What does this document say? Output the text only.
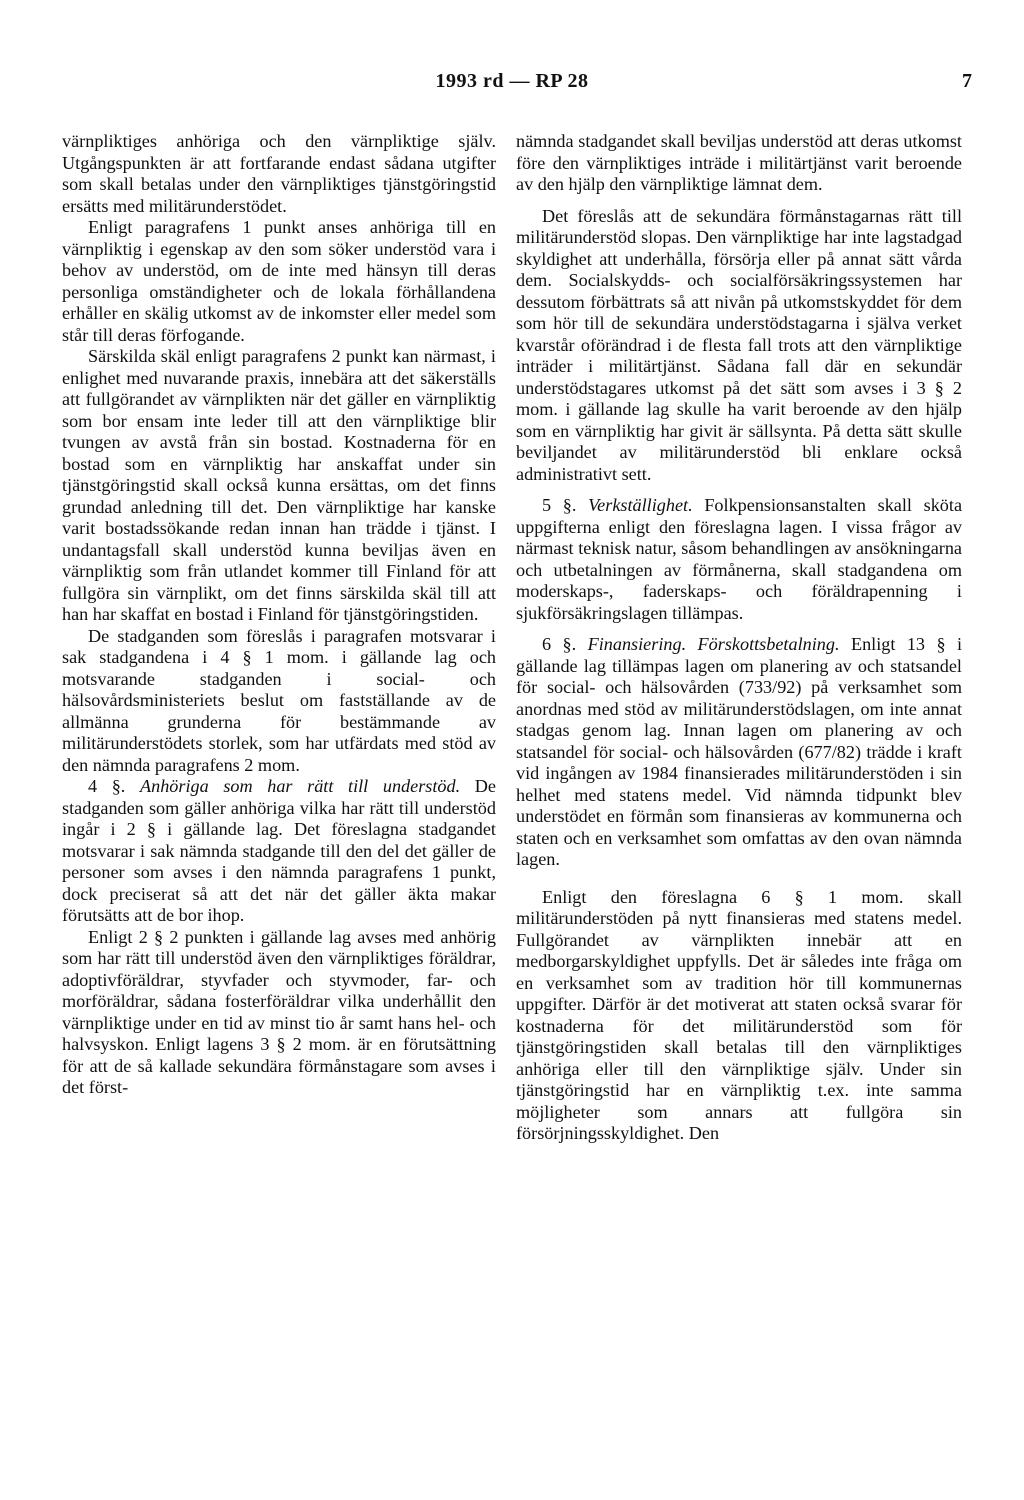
1993 rd — RP 28	7

värnpliktiges anhöriga och den värnpliktige själv. Utgångspunkten är att fortfarande endast sådana utgifter som skall betalas under den värnpliktiges tjänstgöringstid ersätts med militärunderstödet.

Enligt paragrafens 1 punkt anses anhöriga till en värnpliktig i egenskap av den som söker understöd vara i behov av understöd, om de inte med hänsyn till deras personliga omständigheter och de lokala förhållandena erhåller en skälig utkomst av de inkomster eller medel som står till deras förfogande.

Särskilda skäl enligt paragrafens 2 punkt kan närmast, i enlighet med nuvarande praxis, innebära att det säkerställs att fullgörandet av värnplikten när det gäller en värnpliktig som bor ensam inte leder till att den värnpliktige blir tvungen av avstå från sin bostad. Kostnaderna för en bostad som en värnpliktig har anskaffat under sin tjänstgöringstid skall också kunna ersättas, om det finns grundad anledning till det. Den värnpliktige har kanske varit bostadssökande redan innan han trädde i tjänst. I undantagsfall skall understöd kunna beviljas även en värnpliktig som från utlandet kommer till Finland för att fullgöra sin värnplikt, om det finns särskilda skäl till att han har skaffat en bostad i Finland för tjänstgöringstiden.

De stadganden som föreslås i paragrafen motsvarar i sak stadgandena i 4 § 1 mom. i gällande lag och motsvarande stadganden i social- och hälsovårdsministeriets beslut om fastställande av de allmänna grunderna för bestämmande av militärunderstödets storlek, som har utfärdats med stöd av den nämnda paragrafens 2 mom.

4 §. Anhöriga som har rätt till understöd. De stadganden som gäller anhöriga vilka har rätt till understöd ingår i 2 § i gällande lag. Det föreslagna stadgandet motsvarar i sak nämnda stadgande till den del det gäller de personer som avses i den nämnda paragrafens 1 punkt, dock preciserat så att det när det gäller äkta makar förutsätts att de bor ihop.

Enligt 2 § 2 punkten i gällande lag avses med anhörig som har rätt till understöd även den värnpliktiges föräldrar, adoptivföräldrar, styvfader och styvmoder, far- och morföräldrar, sådana fosterföräldrar vilka underhållit den värnpliktige under en tid av minst tio år samt hans hel- och halvsyskon. Enligt lagens 3 § 2 mom. är en förutsättning för att de så kallade sekundära förmånstagare som avses i det först-

nämnda stadgandet skall beviljas understöd att deras utkomst före den värnpliktiges inträde i militärtjänst varit beroende av den hjälp den värnpliktige lämnat dem.

Det föreslås att de sekundära förmånstagarnas rätt till militärunderstöd slopas. Den värnpliktige har inte lagstadgad skyldighet att underhålla, försörja eller på annat sätt vårda dem. Socialskydds- och socialförsäkringssystemen har dessutom förbättrats så att nivån på utkomstskyddet för dem som hör till de sekundära understödstagarna i själva verket kvarstår oförändrad i de flesta fall trots att den värnpliktige inträder i militärtjänst. Sådana fall där en sekundär understödstagares utkomst på det sätt som avses i 3 § 2 mom. i gällande lag skulle ha varit beroende av den hjälp som en värnpliktig har givit är sällsynta. På detta sätt skulle beviljandet av militärunderstöd bli enklare också administrativt sett.

5 §. Verkställighet. Folkpensionsanstalten skall sköta uppgifterna enligt den föreslagna lagen. I vissa frågor av närmast teknisk natur, såsom behandlingen av ansökningarna och utbetalningen av förmånerna, skall stadgandena om moderskaps-, faderskaps- och föräldrapenning i sjukförsäkringslagen tillämpas.

6 §. Finansiering. Förskottsbetalning. Enligt 13 § i gällande lag tillämpas lagen om planering av och statsandel för social- och hälsovården (733/92) på verksamhet som anordnas med stöd av militärunderstödslagen, om inte annat stadgas genom lag. Innan lagen om planering av och statsandel för social- och hälsovården (677/82) trädde i kraft vid ingången av 1984 finansierades militärunderstöden i sin helhet med statens medel. Vid nämnda tidpunkt blev understödet en förmån som finansieras av kommunerna och staten och en verksamhet som omfattas av den ovan nämnda lagen.

Enligt den föreslagna 6 § 1 mom. skall militärunderstöden på nytt finansieras med statens medel. Fullgörandet av värnplikten innebär att en medborgarskyldighet uppfylls. Det är således inte fråga om en verksamhet som av tradition hör till kommunernas uppgifter. Därför är det motiverat att staten också svarar för kostnaderna för det militärunderstöd som för tjänstgöringstiden skall betalas till den värnpliktiges anhöriga eller till den värnpliktige själv. Under sin tjänstgöringstid har en värnpliktig t.ex. inte samma möjligheter som annars att fullgöra sin försörjningsskyldighet. Den
